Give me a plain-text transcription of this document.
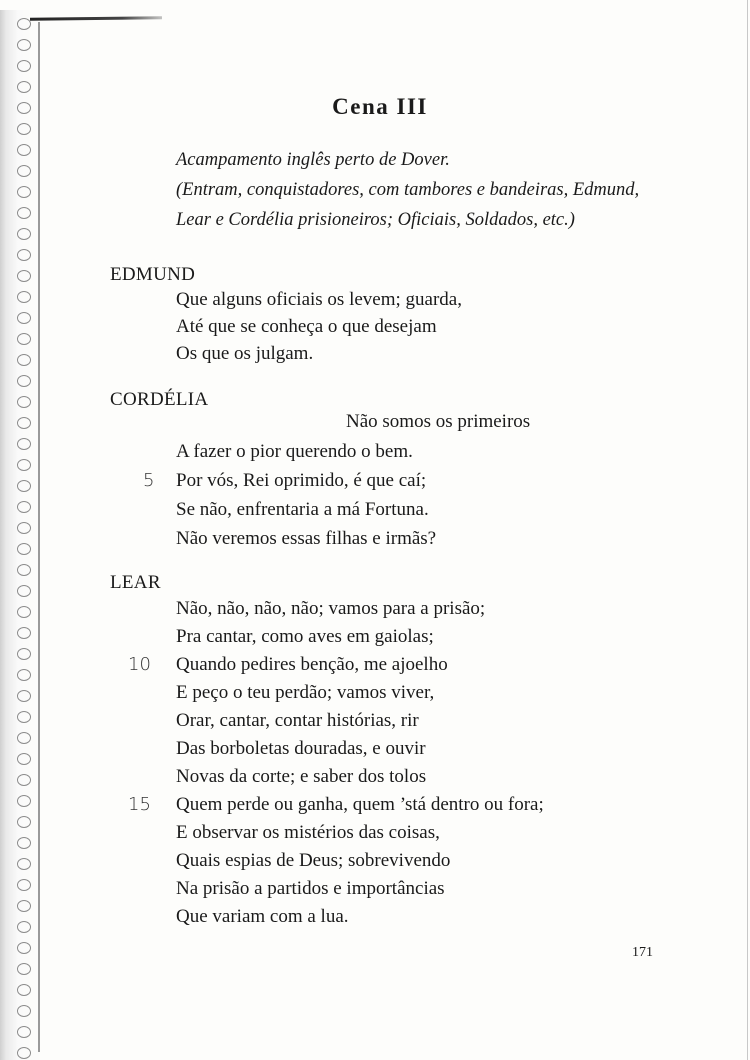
Cena III
Acampamento inglês perto de Dover.
(Entram, conquistadores, com tambores e bandeiras, Edmund,
Lear e Cordélia prisioneiros; Oficiais, Soldados, etc.)
EDMUND
Que alguns oficiais os levem; guarda,
Até que se conheça o que desejam
Os que os julgam.
CORDÉLIA
Não somos os primeiros
A fazer o pior querendo o bem.
5 Por vós, Rei oprimido, é que caí;
Se não, enfrentaria a má Fortuna.
Não veremos essas filhas e irmãs?
LEAR
Não, não, não, não; vamos para a prisão;
Pra cantar, como aves em gaiolas;
10 Quando pedires benção, me ajoelho
E peço o teu perdão; vamos viver,
Orar, cantar, contar histórias, rir
Das borboletas douradas, e ouvir
Novas da corte; e saber dos tolos
15 Quem perde ou ganha, quem ’stá dentro ou fora;
E observar os mistérios das coisas,
Quais espias de Deus; sobrevivendo
Na prisão a partidos e importâncias
Que variam com a lua.
171
